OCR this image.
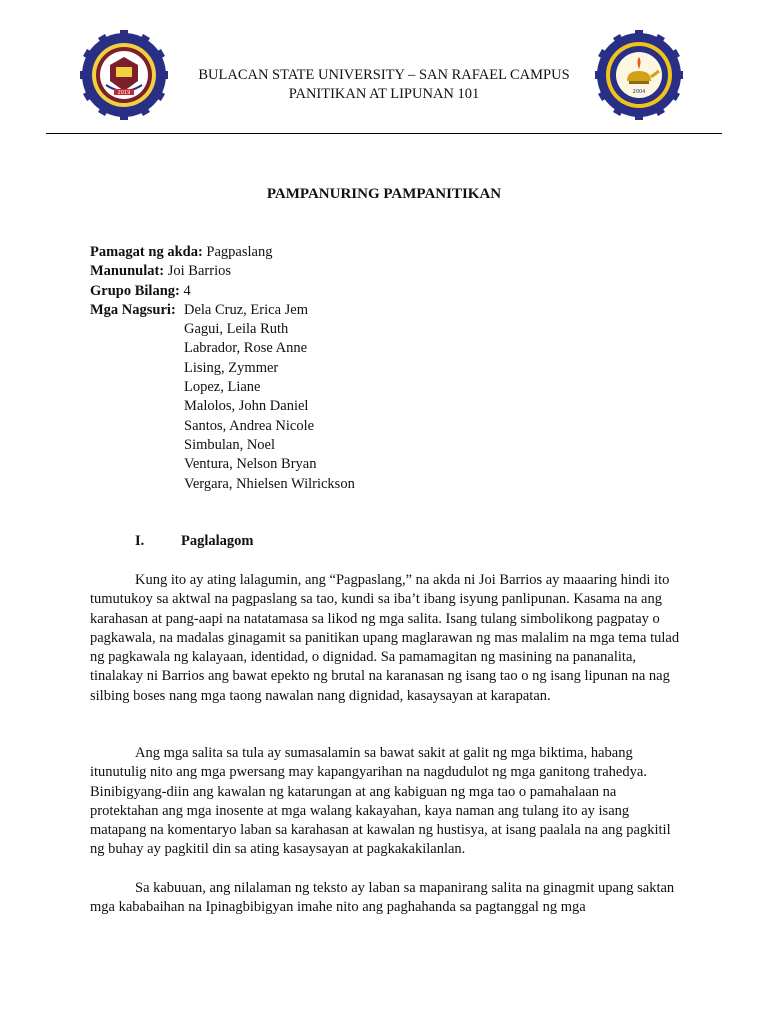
2019
BULACAN STATE UNIVERSITY – SAN RAFAEL CAMPUS
PANITIKAN AT LIPUNAN 101	2004
PAMPANURING PAMPANITIKAN
Pamagat ng akda: Pagpaslang
Manunulat: Joi Barrios
Grupo Bilang: 4
Mga Nagsuri: Dela Cruz, Erica Jem
Gagui, Leila Ruth
Labrador, Rose Anne
Lising, Zymmer
Lopez, Liane
Malolos, John Daniel
Santos, Andrea Nicole
Simbulan, Noel
Ventura, Nelson Bryan
Vergara, Nhielsen Wilrickson
I.	Paglalagom

Kung ito ay ating lalagumin, ang “Pagpaslang,” na akda ni Joi Barrios ay maaaring hindi ito tumutukoy sa aktwal na pagpaslang sa tao, kundi sa iba’t ibang isyung panlipunan. Kasama na ang karahasan at pang-aapi na natatamasa sa likod ng mga salita. Isang tulang simbolikong pagpatay o pagkawala, na madalas ginagamit sa panitikan upang maglarawan ng mas malalim na mga tema tulad ng pagkawala ng kalayaan, identidad, o dignidad. Sa pamamagitan ng masining na pananalita, tinalakay ni Barrios ang bawat epekto ng brutal na karanasan ng isang tao o ng isang lipunan na nag silbing boses nang mga taong nawalan nang dignidad, kasaysayan at karapatan.

Ang mga salita sa tula ay sumasalamin sa bawat sakit at galit ng mga biktima, habang itunutulig nito ang mga pwersang may kapangyarihan na nagdudulot ng mga ganitong trahedya. Binibigyang-diin ang kawalan ng katarungan at ang kabiguan ng mga tao o pamahalaan na protektahan ang mga inosente at mga walang kakayahan, kaya naman ang tulang ito ay isang matapang na komentaryo laban sa karahasan at kawalan ng hustisya, at isang paalala na ang pagkitil ng buhay ay pagkitil din sa ating kasaysayan at pagkakakilanlan.

Sa kabuuan, ang nilalaman ng teksto ay laban sa mapanirang salita na ginagmit upang saktan mga kababaihan na Ipinagbibigyan imahe nito ang paghahanda sa pagtanggal ng mga
